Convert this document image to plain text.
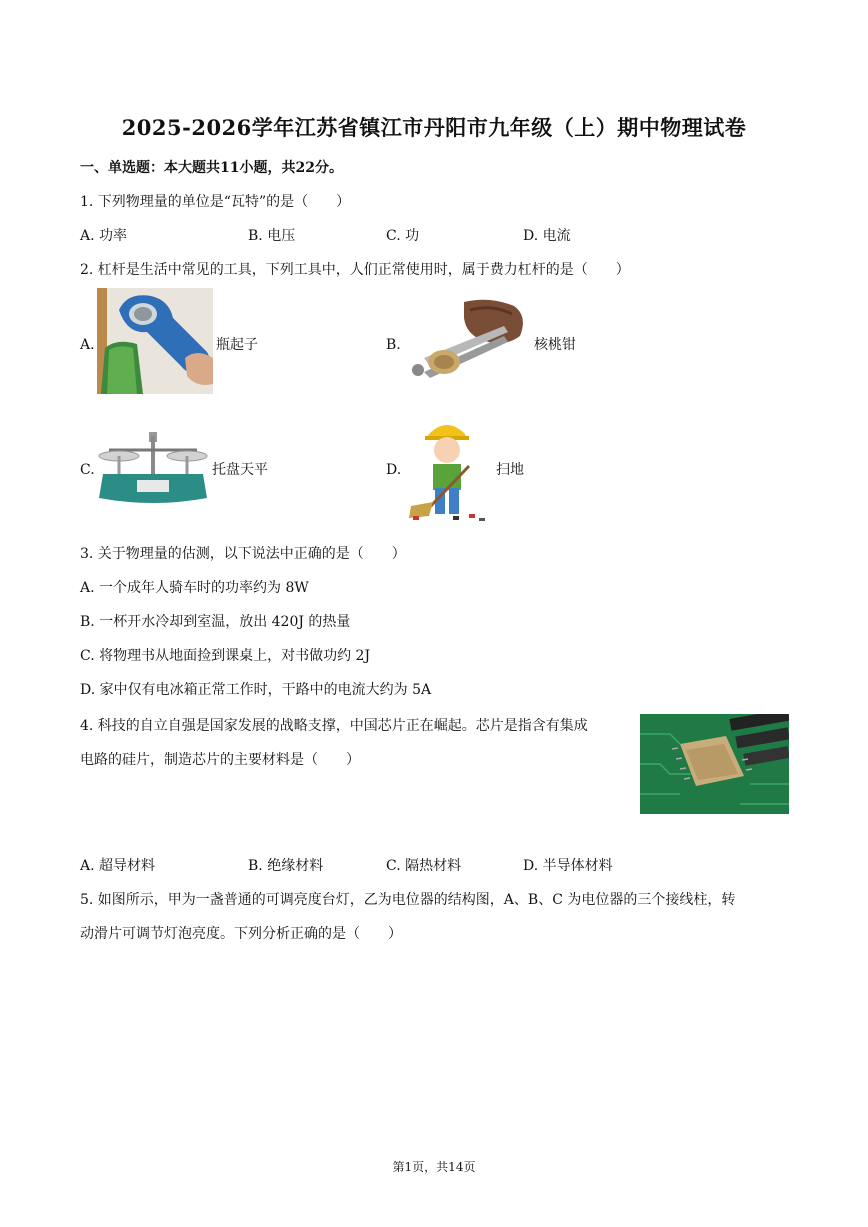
2025-2026学年江苏省镇江市丹阳市九年级（上）期中物理试卷
一、单选题：本大题共11小题，共22分。
1. 下列物理量的单位是“瓦特”的是（　　）
A. 功率	B. 电压	C. 功	D. 电流
2. 杠杆是生活中常见的工具，下列工具中，人们正常使用时，属于费力杠杆的是（　　）
A.	瓶起子	B.	核桃钳
C.	托盘天平	D.	扫地
3. 关于物理量的估测，以下说法中正确的是（　　）
A. 一个成年人骑车时的功率约为 8W
B. 一杯开水冷却到室温，放出 420J 的热量
C. 将物理书从地面捡到课桌上，对书做功约 2J
D. 家中仅有电冰箱正常工作时，干路中的电流大约为 5A
4. 科技的自立自强是国家发展的战略支撑，中国芯片正在崛起。芯片是指含有集成
电路的硅片，制造芯片的主要材料是（　　）
A. 超导材料	B. 绝缘材料	C. 隔热材料	D. 半导体材料
5. 如图所示，甲为一盏普通的可调亮度台灯，乙为电位器的结构图，A、B、C 为电位器的三个接线柱，转
动滑片可调节灯泡亮度。下列分析正确的是（　　）
第1页，共14页
